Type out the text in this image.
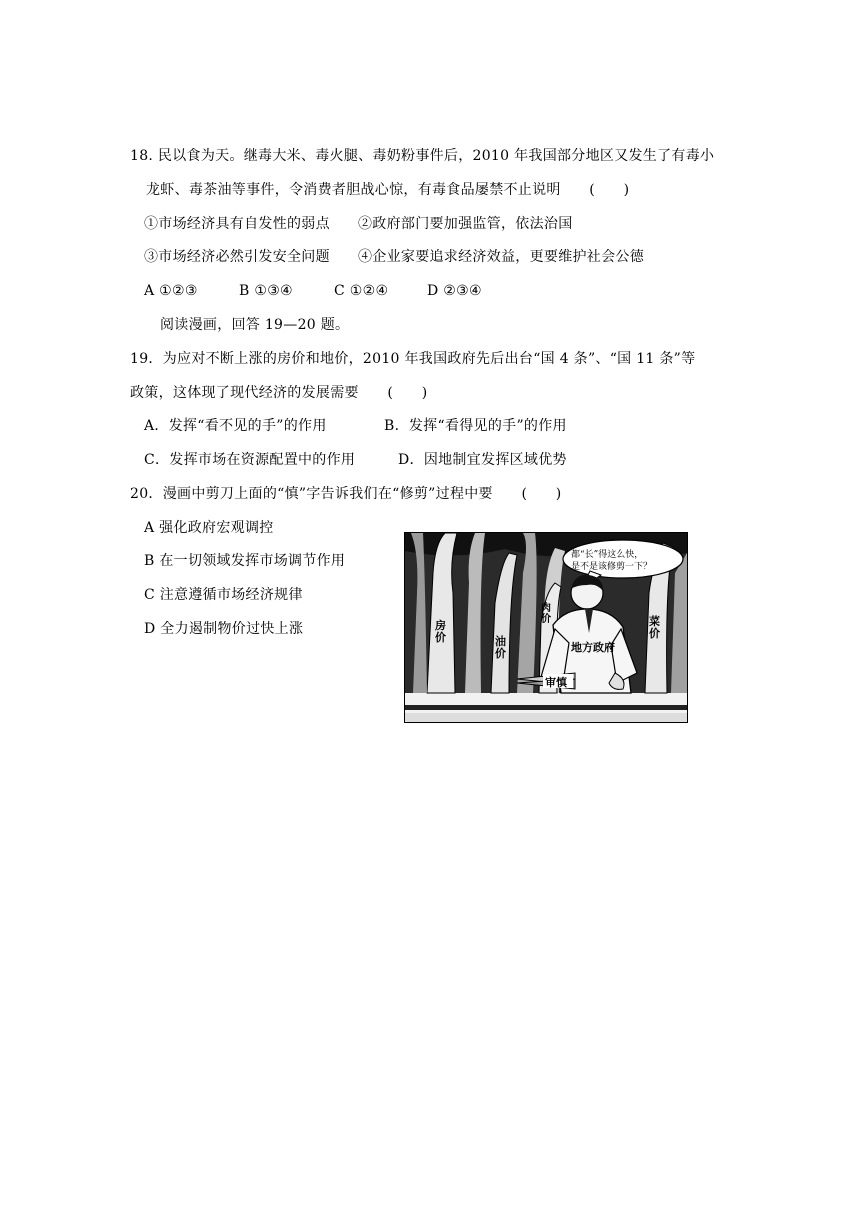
18. 民以食为天。继毒大米、毒火腿、毒奶粉事件后，2010 年我国部分地区又发生了有毒小
龙虾、毒茶油等事件，令消费者胆战心惊，有毒食品屡禁不止说明　　(　　)
①市场经济具有自发性的弱点 ②政府部门要加强监管，依法治国
③市场经济必然引发安全问题 ④企业家要追求经济效益，更要维护社会公德
A ①②③	B ①③④	C ①②④	D ②③④
阅读漫画，回答 19—20 题。
19．为应对不断上涨的房价和地价，2010 年我国政府先后出台“国 4 条”、“国 11 条”等
政策，这体现了现代经济的发展需要　　(　　)
A．发挥“看不见的手”的作用	B．发挥“看得见的手”的作用
C．发挥市场在资源配置中的作用	D．因地制宜发挥区域优势
20．漫画中剪刀上面的“慎”字告诉我们在“修剪”过程中要　　(　　)
A 强化政府宏观调控
B 在一切领域发挥市场调节作用
C 注意遵循市场经济规律
D 全力遏制物价过快上涨
都“长”得这么快，
是不是该修剪一下？
审慎
地方政府
房 价	油 价
肉 价	菜 价
